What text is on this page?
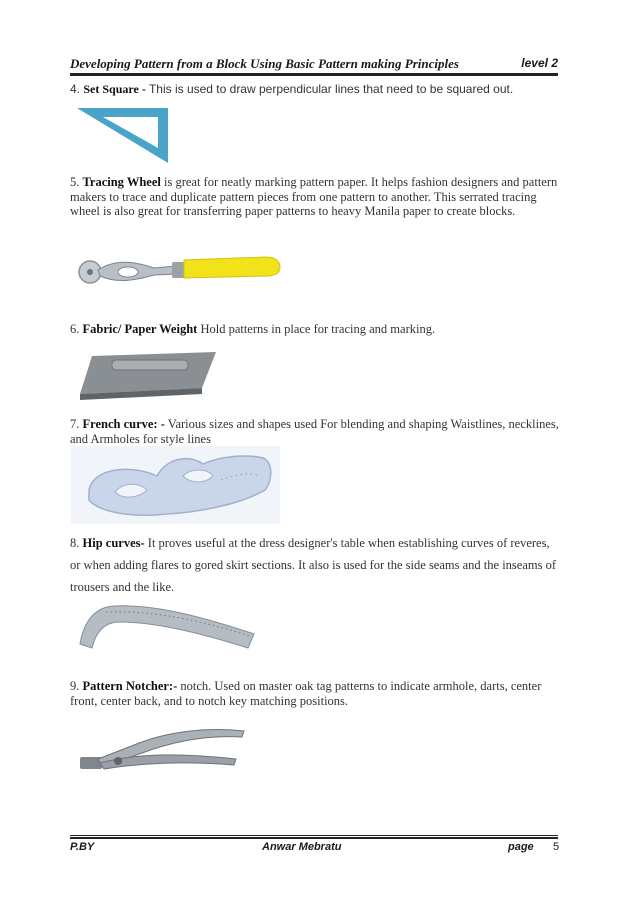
Developing Pattern from a Block Using Basic Pattern making Principles	level 2
4. Set Square - This is used to draw perpendicular lines that need to be squared out.
5. Tracing Wheel is great for neatly marking pattern paper. It helps fashion designers and pattern makers to trace and duplicate pattern pieces from one pattern to another. This serrated tracing wheel is also great for transferring paper patterns to heavy Manila paper to create blocks.
6. Fabric/ Paper Weight Hold patterns in place for tracing and marking.
7. French curve: - Various sizes and shapes used For blending and shaping Waistlines, necklines, and Armholes for style lines
8. Hip curves- It proves useful at the dress designer's table when establishing curves of reveres, or when adding flares to gored skirt sections. It also is used for the side seams and the inseams of trousers and the like.
9. Pattern Notcher:- notch. Used on master oak tag patterns to indicate armhole, darts, center front, center back, and to notch key matching positions.
P.BY	Anwar Mebratu	page 5
